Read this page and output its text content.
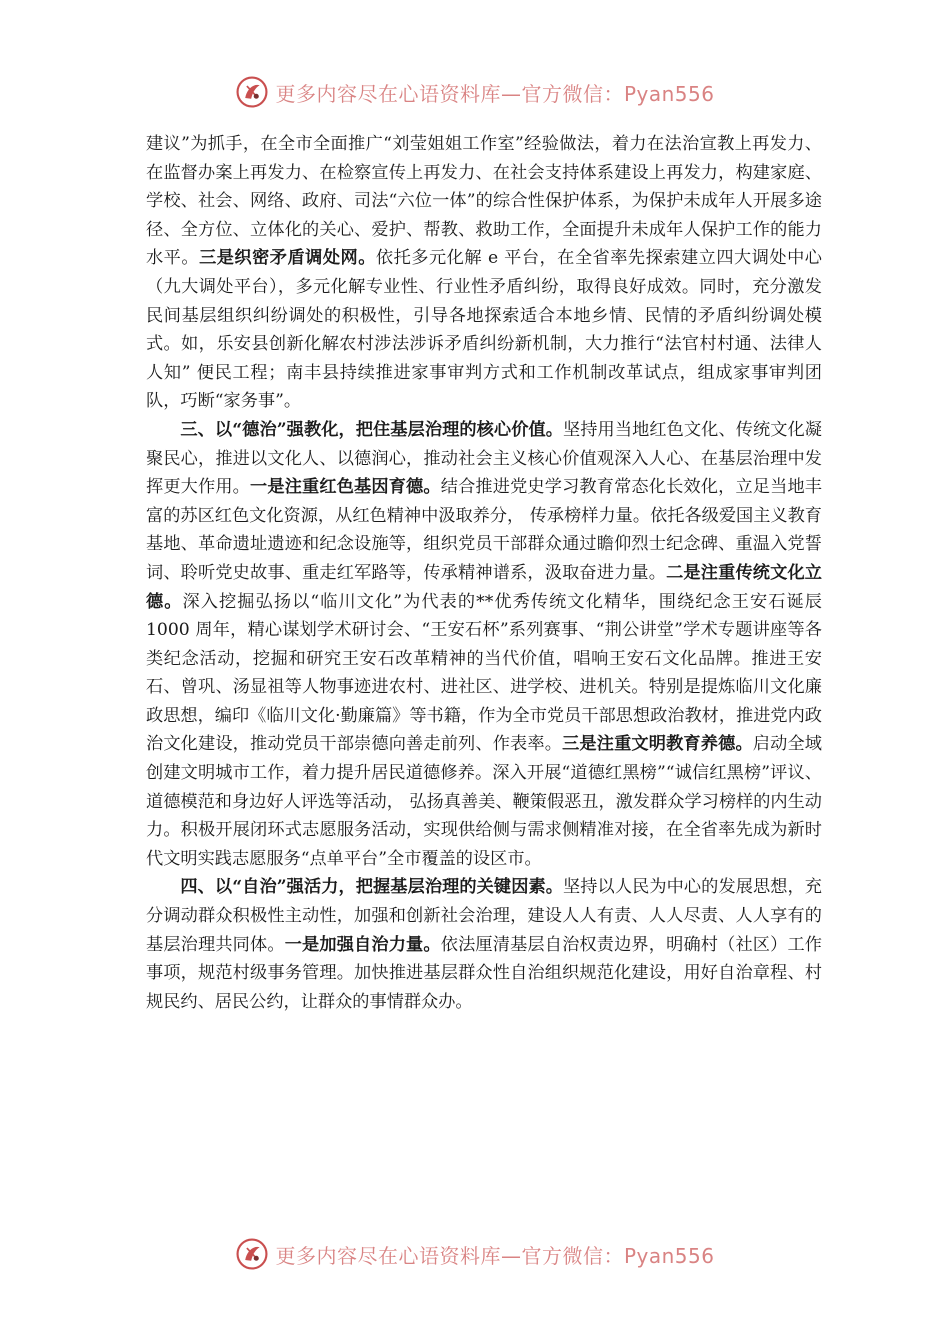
更多内容尽在心语资料库—官方微信：Pyan556

建议”为抓手，在全市全面推广“刘莹姐姐工作室”经验做法，着力在法治宣教上再发力、在监督办案上再发力、在检察宣传上再发力、在社会支持体系建设上再发力，构建家庭、学校、社会、网络、政府、司法“六位一体”的综合性保护体系，为保护未成年人开展多途径、全方位、立体化的关心、爱护、帮教、救助工作，全面提升未成年人保护工作的能力水平。三是织密矛盾调处网。依托多元化解 e 平台，在全省率先探索建立四大调处中心（九大调处平台），多元化解专业性、行业性矛盾纠纷，取得良好成效。同时，充分激发民间基层组织纠纷调处的积极性，引导各地探索适合本地乡情、民情的矛盾纠纷调处模式。如，乐安县创新化解农村涉法涉诉矛盾纠纷新机制，大力推行“法官村村通、法律人人知” 便民工程；南丰县持续推进家事审判方式和工作机制改革试点，组成家事审判团队，巧断“家务事”。

三、以“德治”强教化，把住基层治理的核心价值。坚持用当地红色文化、传统文化凝聚民心，推进以文化人、以德润心，推动社会主义核心价值观深入人心、在基层治理中发挥更大作用。一是注重红色基因育德。结合推进党史学习教育常态化长效化，立足当地丰富的苏区红色文化资源，从红色精神中汲取养分， 传承榜样力量。依托各级爱国主义教育基地、革命遗址遗迹和纪念设施等，组织党员干部群众通过瞻仰烈士纪念碑、重温入党誓词、聆听党史故事、重走红军路等，传承精神谱系，汲取奋进力量。二是注重传统文化立德。深入挖掘弘扬以“临川文化”为代表的**优秀传统文化精华，围绕纪念王安石诞辰 1000 周年，精心谋划学术研讨会、“王安石杯”系列赛事、“荆公讲堂”学术专题讲座等各类纪念活动，挖掘和研究王安石改革精神的当代价值，唱响王安石文化品牌。推进王安石、曾巩、汤显祖等人物事迹进农村、进社区、进学校、进机关。特别是提炼临川文化廉政思想，编印《临川文化·勤廉篇》等书籍，作为全市党员干部思想政治教材，推进党内政治文化建设，推动党员干部崇德向善走前列、作表率。三是注重文明教育养德。启动全域创建文明城市工作，着力提升居民道德修养。深入开展“道德红黑榜”“诚信红黑榜”评议、道德模范和身边好人评选等活动， 弘扬真善美、鞭策假恶丑，激发群众学习榜样的内生动力。积极开展闭环式志愿服务活动，实现供给侧与需求侧精准对接，在全省率先成为新时代文明实践志愿服务“点单平台”全市覆盖的设区市。

四、以“自治”强活力，把握基层治理的关键因素。坚持以人民为中心的发展思想，充分调动群众积极性主动性，加强和创新社会治理，建设人人有责、人人尽责、人人享有的基层治理共同体。一是加强自治力量。依法厘清基层自治权责边界，明确村（社区）工作事项，规范村级事务管理。加快推进基层群众性自治组织规范化建设，用好自治章程、村规民约、居民公约，让群众的事情群众办。

更多内容尽在心语资料库—官方微信：Pyan556
